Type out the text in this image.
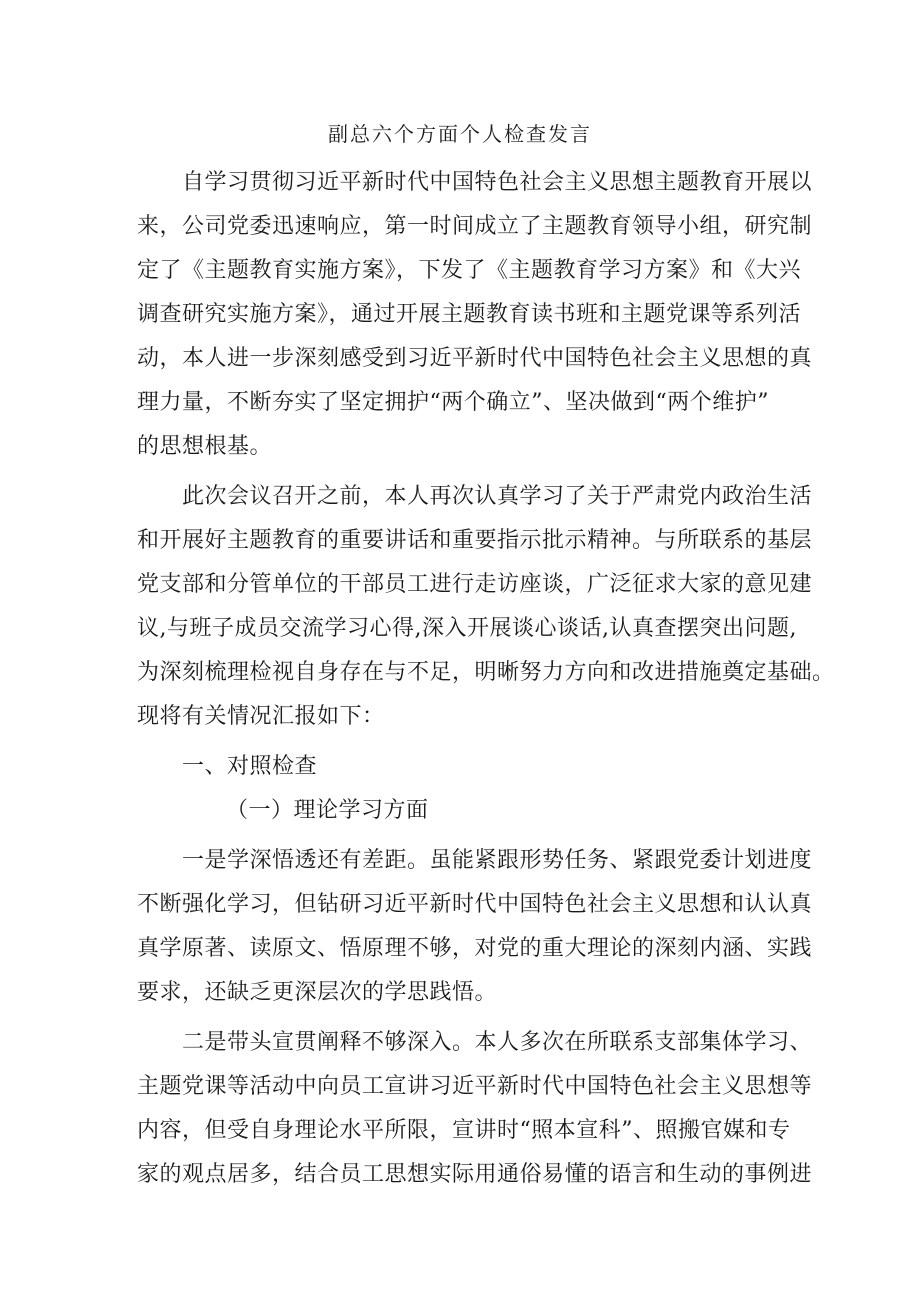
副总六个方面个人检查发言
自学习贯彻习近平新时代中国特色社会主义思想主题教育开展以
来，公司党委迅速响应，第一时间成立了主题教育领导小组，研究制
定了《主题教育实施方案》，下发了《主题教育学习方案》和《大兴
调查研究实施方案》，通过开展主题教育读书班和主题党课等系列活
动，本人进一步深刻感受到习近平新时代中国特色社会主义思想的真
理力量，不断夯实了坚定拥护“两个确立”、坚决做到“两个维护”
的思想根基。
此次会议召开之前，本人再次认真学习了关于严肃党内政治生活
和开展好主题教育的重要讲话和重要指示批示精神。与所联系的基层
党支部和分管单位的干部员工进行走访座谈，广泛征求大家的意见建
议,与班子成员交流学习心得,深入开展谈心谈话,认真查摆突出问题,
为深刻梳理检视自身存在与不足，明晰努力方向和改进措施奠定基础。
现将有关情况汇报如下：
一、对照检查
（一）理论学习方面
一是学深悟透还有差距。虽能紧跟形势任务、紧跟党委计划进度
不断强化学习，但钻研习近平新时代中国特色社会主义思想和认认真
真学原著、读原文、悟原理不够，对党的重大理论的深刻内涵、实践
要求，还缺乏更深层次的学思践悟。
二是带头宣贯阐释不够深入。本人多次在所联系支部集体学习、
主题党课等活动中向员工宣讲习近平新时代中国特色社会主义思想等
内容，但受自身理论水平所限，宣讲时“照本宣科”、照搬官媒和专
家的观点居多，结合员工思想实际用通俗易懂的语言和生动的事例进
